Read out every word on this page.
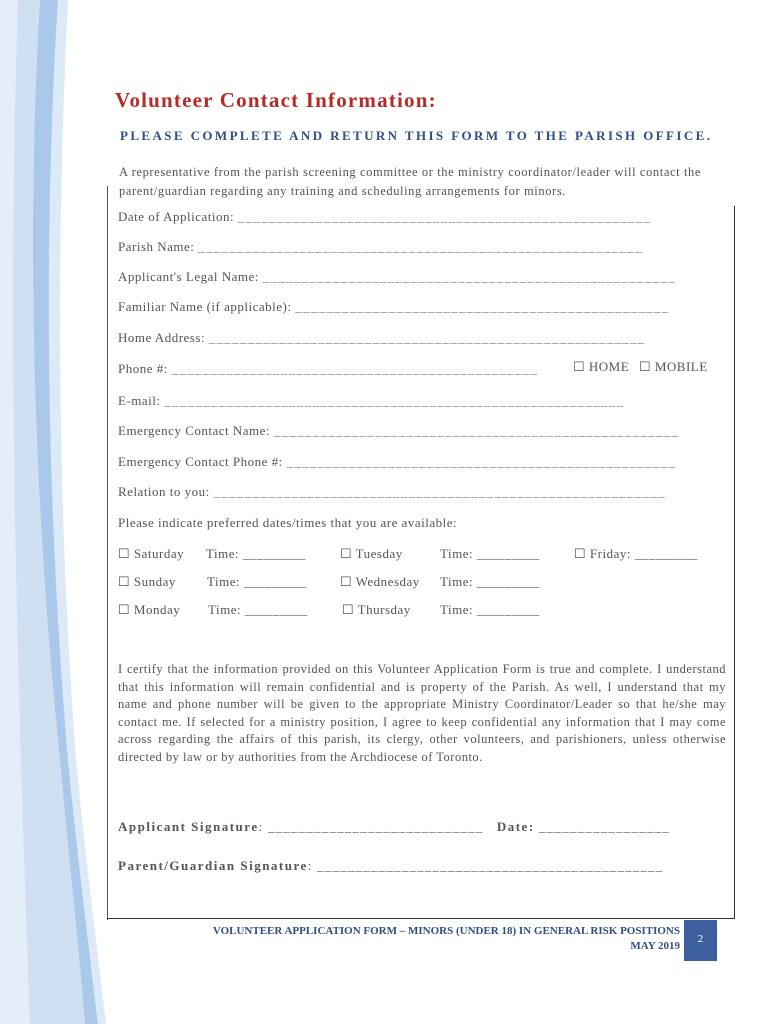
Volunteer Contact Information:
PLEASE COMPLETE AND RETURN THIS FORM TO THE PARISH OFFICE.
A representative from the parish screening committee or the ministry coordinator/leader will contact the parent/guardian regarding any training and scheduling arrangements for minors.
Date of Application: _____________________________________________________
Parish Name: _________________________________________________________
Applicant's Legal Name: _____________________________________________________
Familiar Name (if applicable): ________________________________________________
Home Address: ________________________________________________________
Phone #: _______________________________________________	☐ HOME ☐ MOBILE
E-mail: ___________________________________________________________
Emergency Contact Name: ____________________________________________________
Emergency Contact Phone #: __________________________________________________
Relation to you: __________________________________________________________
Please indicate preferred dates/times that you are available:
☐ Saturday Time: _________	☐ Tuesday	Time: _________	☐ Friday: _________
☐ Sunday Time: _________	☐ Wednesday Time: _________
☐ Monday Time: _________	☐ Thursday Time: _________
I certify that the information provided on this Volunteer Application Form is true and complete. I understand that this information will remain confidential and is property of the Parish. As well, I understand that my name and phone number will be given to the appropriate Ministry Coordinator/Leader so that he/she may contact me. If selected for a ministry position, I agree to keep confidential any information that I may come across regarding the affairs of this parish, its clergy, other volunteers, and parishioners, unless otherwise directed by law or by authorities from the Archdiocese of Toronto.
Applicant Signature: ____________________________ Date: _________________
Parent/Guardian Signature: _____________________________________________
VOLUNTEER APPLICATION FORM – MINORS (UNDER 18) IN GENERAL RISK POSITIONS
MAY 2019
2
